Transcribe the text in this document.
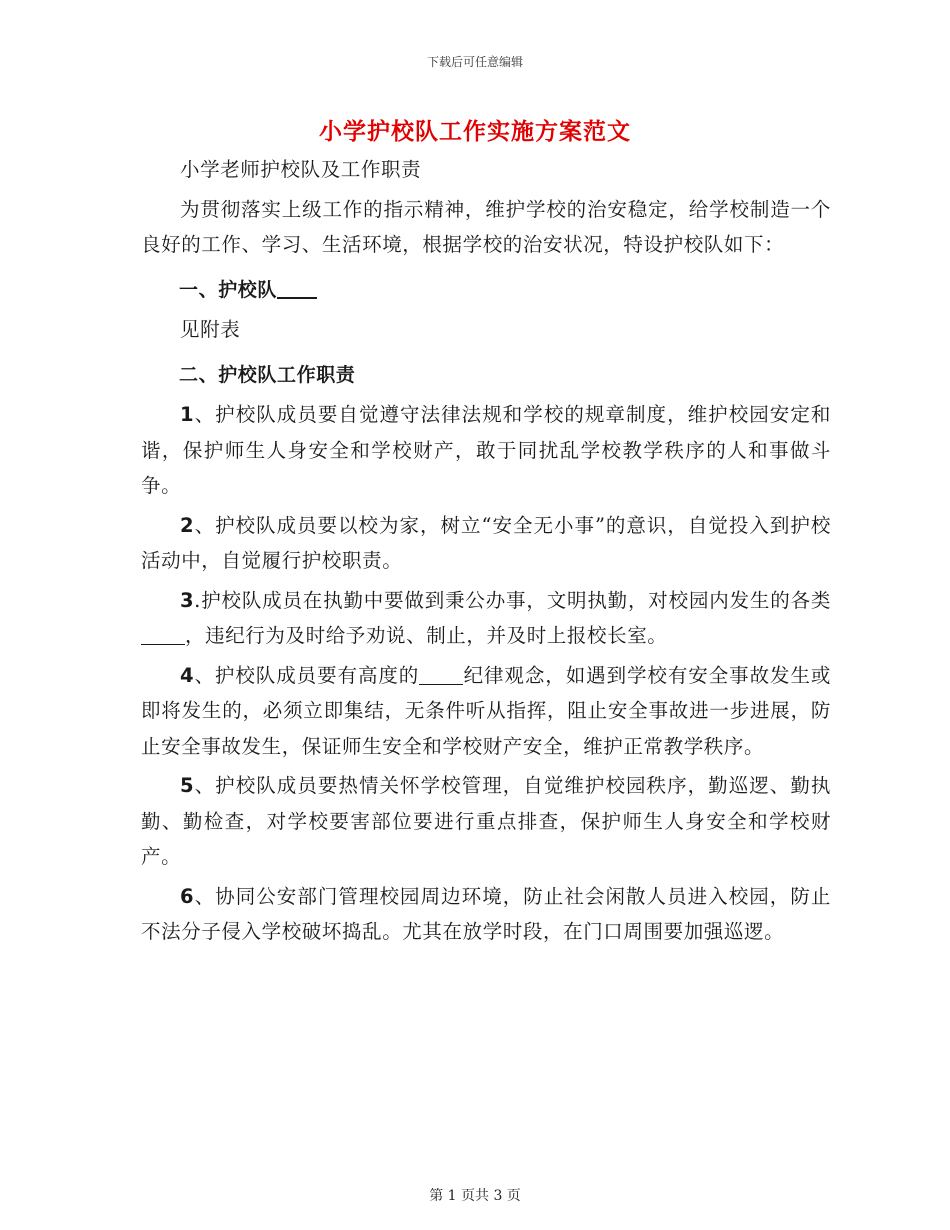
下载后可任意编辑
小学护校队工作实施方案范文

小学老师护校队及工作职责

为贯彻落实上级工作的指示精神，维护学校的治安稳定，给学校制造一个良好的工作、学习、生活环境，根据学校的治安状况，特设护校队如下：

一、护校队

见附表

二、护校队工作职责

1、护校队成员要自觉遵守法律法规和学校的规章制度，维护校园安定和谐，保护师生人身安全和学校财产，敢于同扰乱学校教学秩序的人和事做斗争。

2、护校队成员要以校为家，树立“安全无小事”的意识，自觉投入到护校活动中，自觉履行护校职责。

3.护校队成员在执勤中要做到秉公办事，文明执勤，对校园内发生的各类，违纪行为及时给予劝说、制止，并及时上报校长室。

4、护校队成员要有高度的 纪律观念，如遇到学校有安全事故发生或即将发生的，必须立即集结，无条件听从指挥，阻止安全事故进一步进展，防止安全事故发生，保证师生安全和学校财产安全，维护正常教学秩序。

5、护校队成员要热情关怀学校管理，自觉维护校园秩序，勤巡逻、勤执勤、勤检查，对学校要害部位要进行重点排查，保护师生人身安全和学校财产。

6、协同公安部门管理校园周边环境，防止社会闲散人员进入校园，防止不法分子侵入学校破坏捣乱。尤其在放学时段，在门口周围要加强巡逻。

第 1 页共 3 页
